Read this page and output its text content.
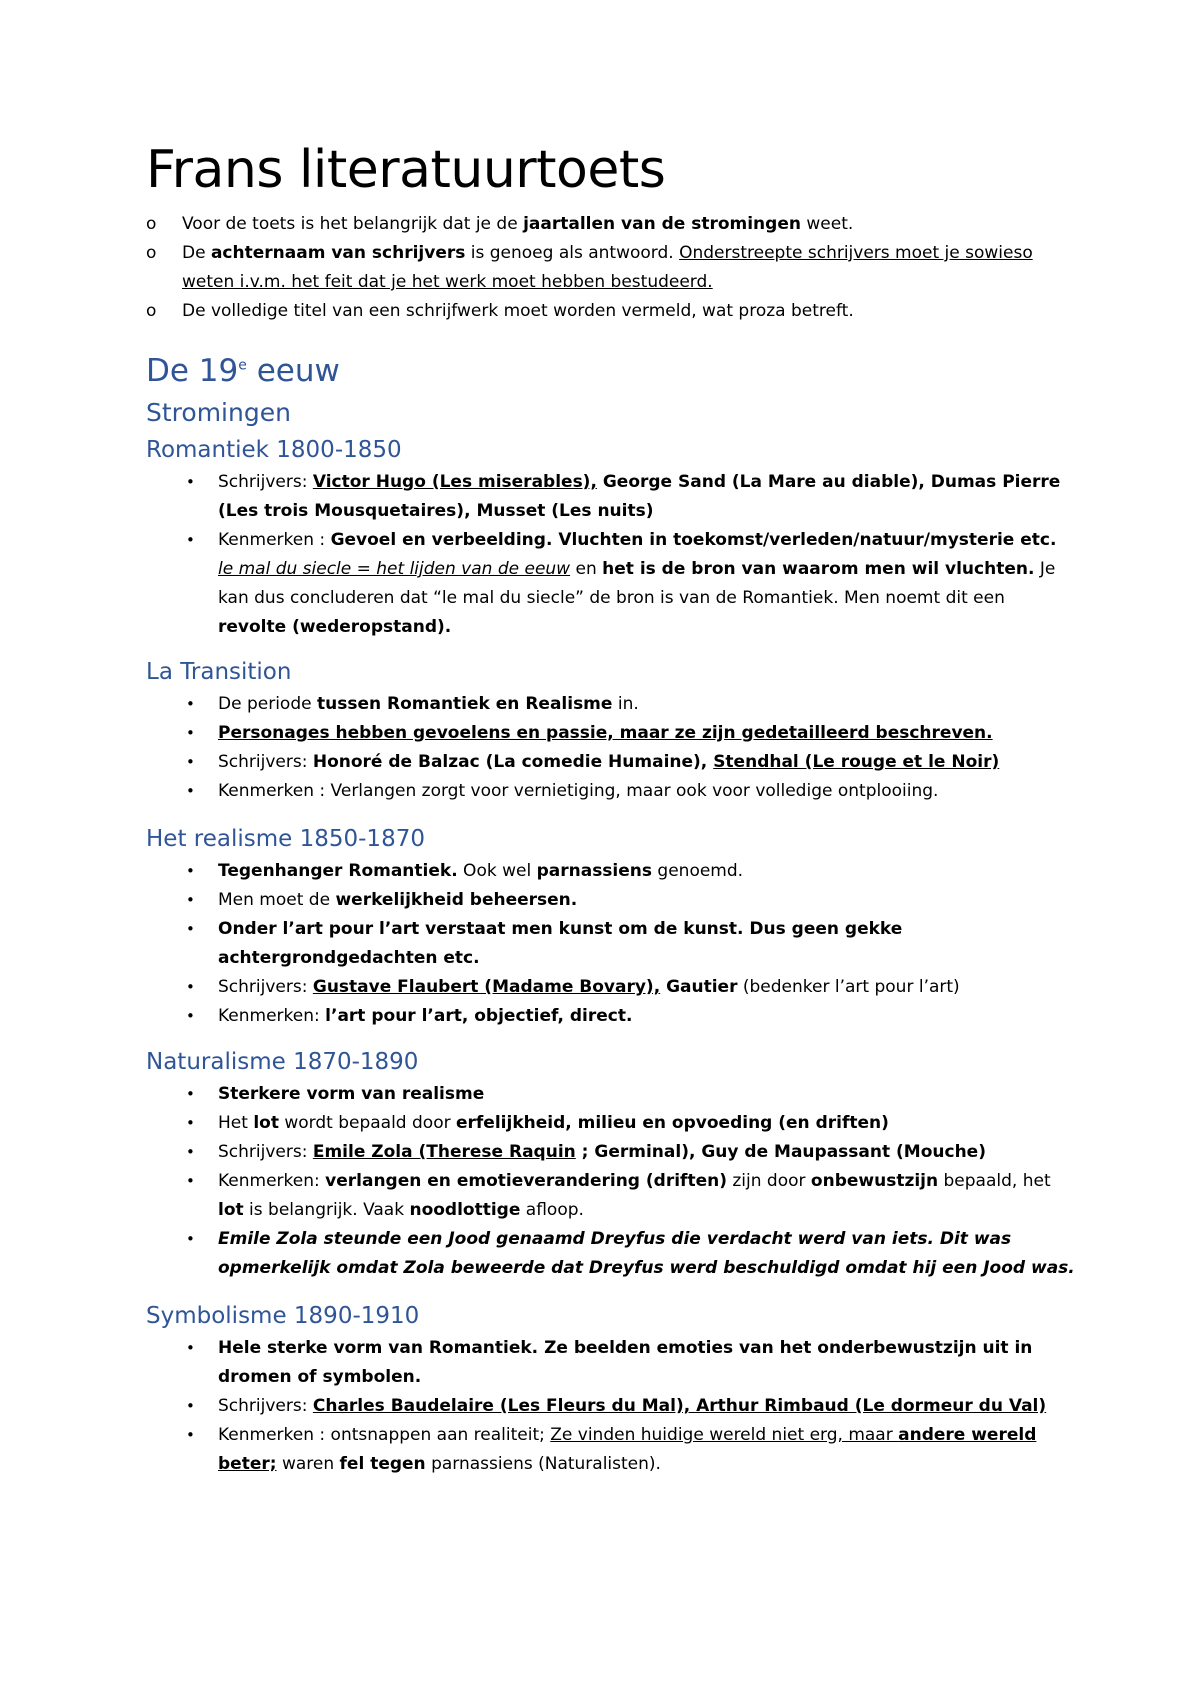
Frans literatuurtoets
o Voor de toets is het belangrijk dat je de jaartallen van de stromingen weet.
o De achternaam van schrijvers is genoeg als antwoord. Onderstreepte schrijvers moet je sowieso weten i.v.m. het feit dat je het werk moet hebben bestudeerd.
o De volledige titel van een schrijfwerk moet worden vermeld, wat proza betreft.
De 19e eeuw
Stromingen
Romantiek 1800-1850
• Schrijvers: Victor Hugo (Les miserables), George Sand (La Mare au diable), Dumas Pierre (Les trois Mousquetaires), Musset (Les nuits)
• Kenmerken : Gevoel en verbeelding. Vluchten in toekomst/verleden/natuur/mysterie etc. le mal du siecle = het lijden van de eeuw en het is de bron van waarom men wil vluchten. Je kan dus concluderen dat “le mal du siecle” de bron is van de Romantiek. Men noemt dit een revolte (wederopstand).
La Transition
• De periode tussen Romantiek en Realisme in.
• Personages hebben gevoelens en passie, maar ze zijn gedetailleerd beschreven.
• Schrijvers: Honoré de Balzac (La comedie Humaine), Stendhal (Le rouge et le Noir)
• Kenmerken : Verlangen zorgt voor vernietiging, maar ook voor volledige ontplooiing.
Het realisme 1850-1870
• Tegenhanger Romantiek. Ook wel parnassiens genoemd.
• Men moet de werkelijkheid beheersen.
• Onder l’art pour l’art verstaat men kunst om de kunst. Dus geen gekke achtergrondgedachten etc.
• Schrijvers: Gustave Flaubert (Madame Bovary), Gautier (bedenker l’art pour l’art)
• Kenmerken: l’art pour l’art, objectief, direct.
Naturalisme 1870-1890
• Sterkere vorm van realisme
• Het lot wordt bepaald door erfelijkheid, milieu en opvoeding (en driften)
• Schrijvers: Emile Zola (Therese Raquin ; Germinal), Guy de Maupassant (Mouche)
• Kenmerken: verlangen en emotieverandering (driften) zijn door onbewustzijn bepaald, het lot is belangrijk. Vaak noodlottige afloop.
• Emile Zola steunde een Jood genaamd Dreyfus die verdacht werd van iets. Dit was opmerkelijk omdat Zola beweerde dat Dreyfus werd beschuldigd omdat hij een Jood was.
Symbolisme 1890-1910
• Hele sterke vorm van Romantiek. Ze beelden emoties van het onderbewustzijn uit in dromen of symbolen.
• Schrijvers: Charles Baudelaire (Les Fleurs du Mal), Arthur Rimbaud (Le dormeur du Val)
• Kenmerken : ontsnappen aan realiteit; Ze vinden huidige wereld niet erg, maar andere wereld beter; waren fel tegen parnassiens (Naturalisten).
